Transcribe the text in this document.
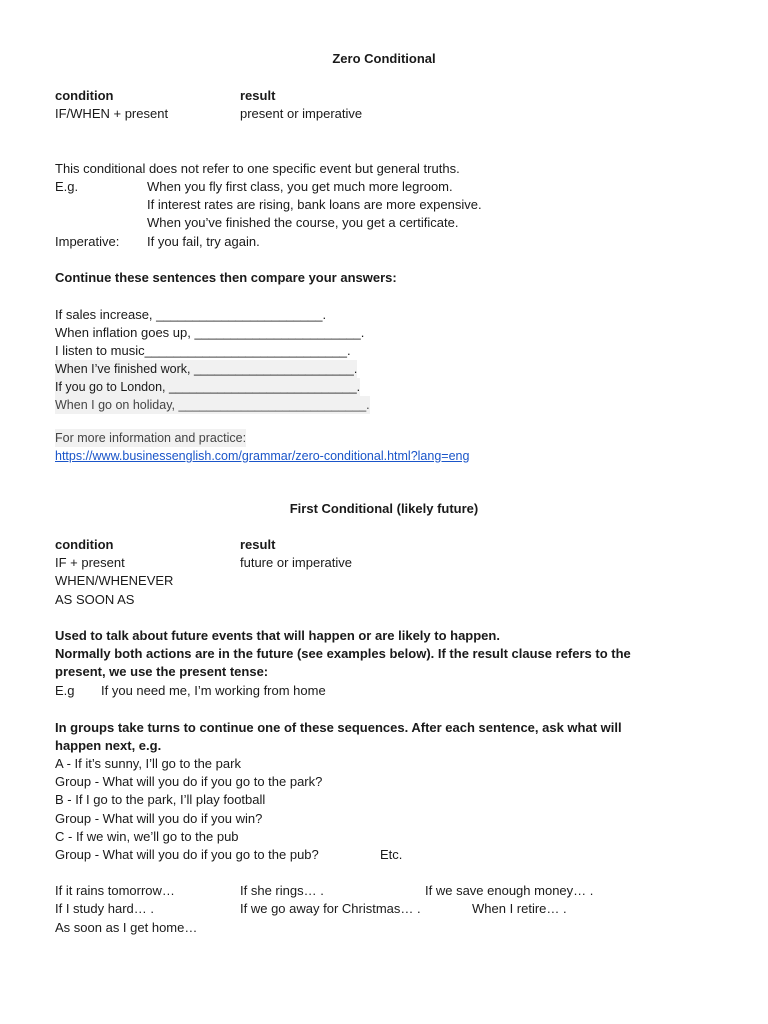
Zero Conditional
condition	result
IF/WHEN + present	present or imperative
This conditional does not refer to one specific event but general truths.
E.g.	When you fly first class, you get much more legroom.
If interest rates are rising, bank loans are more expensive.
When you’ve finished the course, you get a certificate.
Imperative: If you fail, try again.
Continue these sentences then compare your answers:
If sales increase, _______________________.
When inflation goes up, _______________________.
I listen to music____________________________.
When I’ve finished work, _______________________.
If you go to London, ___________________________.
When I go on holiday, ___________________________.
For more information and practice:
https://www.businessenglish.com/grammar/zero-conditional.html?lang=eng
First Conditional (likely future)
condition	result
IF + present	future or imperative
WHEN/WHENEVER
AS SOON AS
Used to talk about future events that will happen or are likely to happen.
Normally both actions are in the future (see examples below). If the result clause refers to the
present, we use the present tense:
E.g If you need me, I’m working from home
In groups take turns to continue one of these sequences. After each sentence, ask what will
happen next, e.g.
A - If it’s sunny, I’ll go to the park
Group - What will you do if you go to the park?
B - If I go to the park, I’ll play football
Group - What will you do if you win?
C - If we win, we’ll go to the pub
Group - What will you do if you go to the pub?	Etc.
If it rains tomorrow…	If she rings… .	If we save enough money… .
If I study hard… .	If we go away for Christmas… .	When I retire… .
As soon as I get home…
